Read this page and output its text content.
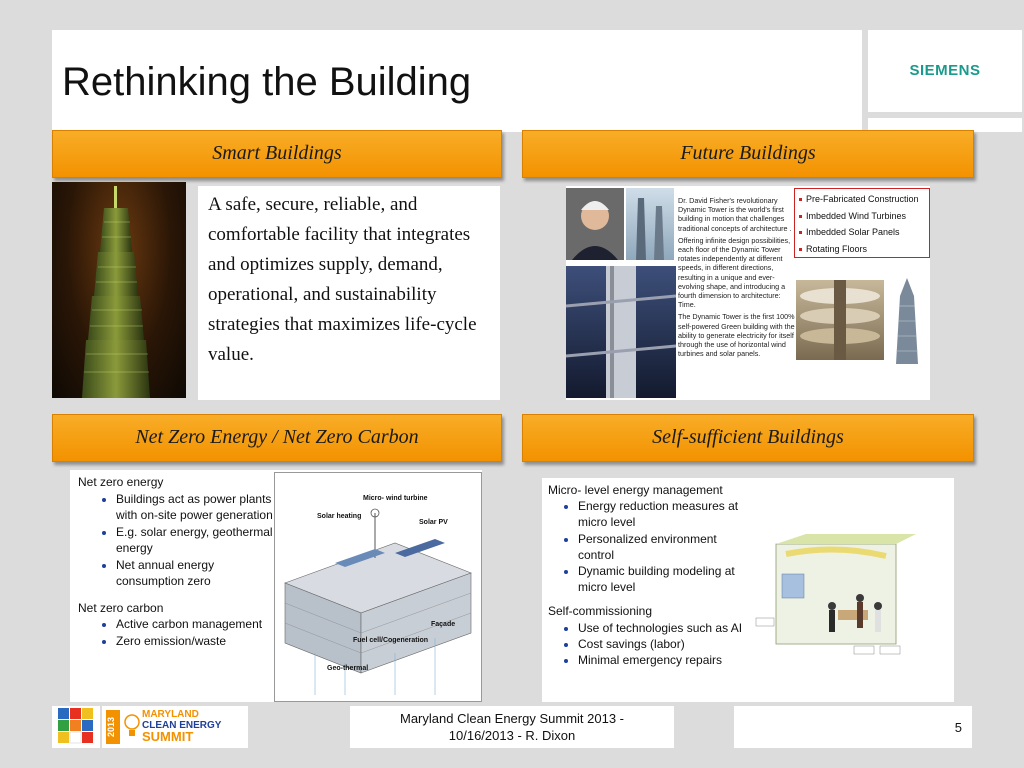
Rethinking the Building	SIEMENS
Smart Buildings	Future Buildings
Net Zero Energy / Net Zero Carbon	Self-sufficient Buildings
A safe, secure, reliable, and comfortable facility that integrates and optimizes supply, demand, operational, and sustainability strategies that maximizes life-cycle value.

Dr. David Fisher's revolutionary Dynamic Tower is the world's first building in motion that challenges traditional concepts of architecture .

Offering infinite design possibilities, each floor of the Dynamic Tower rotates independently at different speeds, in different directions, resulting in a unique and ever-evolving shape, and introducing a fourth dimension to architecture: Time.

The Dynamic Tower is the first 100% self-powered Green building with the ability to generate electricity for itself through the use of horizontal wind turbines and solar panels.

Pre-Fabricated Construction
Imbedded Wind Turbines
Imbedded Solar Panels
Rotating Floors

Net zero energy

• Buildings act as power plants with on-site power generation
• E.g. solar energy, geothermal energy
• Net annual energy consumption zero

Net zero carbon

• Active carbon management
• Zero emission/waste
Micro- wind turbine
Solar heating
Solar PV
Façade
Fuel cell/Cogeneration
Geo-thermal

Micro- level energy management

• Energy reduction measures at micro level
• Personalized environment control
• Dynamic building modeling at micro level

Self-commissioning

• Use of technologies such as AI
• Cost savings (labor)
• Minimal emergency repairs
2013
MARYLAND
CLEAN ENERGY
SUMMIT
Maryland Clean Energy Summit 2013 -
10/16/2013 - R. Dixon
5
